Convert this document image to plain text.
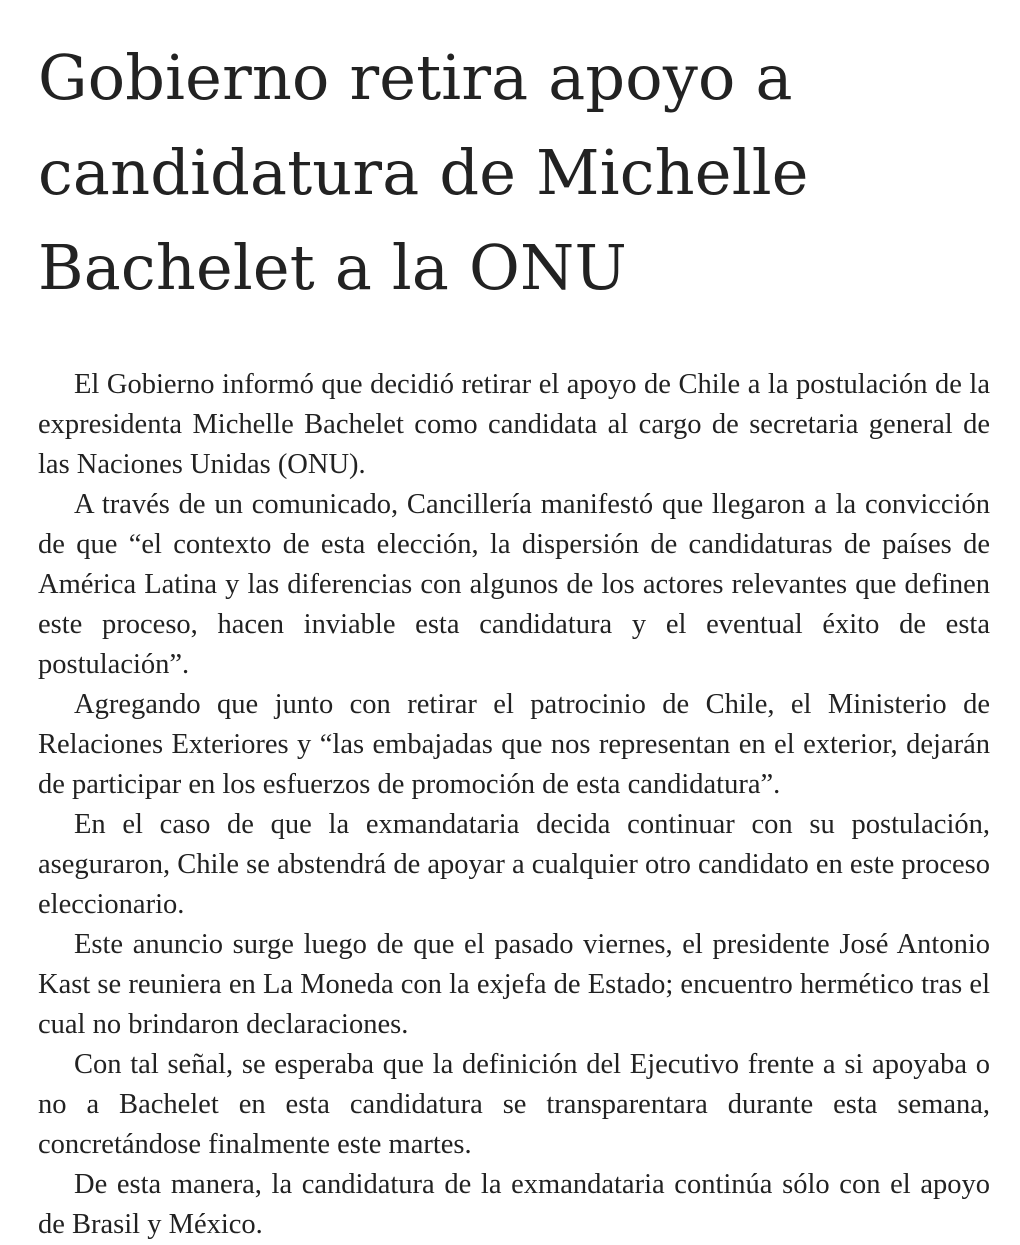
Gobierno retira apoyo a candidatura de Michelle Bachelet a la ONU

El Gobierno informó que decidió retirar el apoyo de Chile a la postulación de la expresidenta Michelle Bachelet como candidata al cargo de secretaria general de las Naciones Unidas (ONU).

A través de un comunicado, Cancillería manifestó que llegaron a la convicción de que “el contexto de esta elección, la dispersión de candidaturas de países de América Latina y las diferencias con algunos de los actores relevantes que definen este proceso, hacen inviable esta candidatura y el eventual éxito de esta postulación”.

Agregando que junto con retirar el patrocinio de Chile, el Ministerio de Relaciones Exteriores y “las embajadas que nos representan en el exterior, dejarán de participar en los esfuerzos de promoción de esta candidatura”.

En el caso de que la exmandataria decida continuar con su postulación, aseguraron, Chile se abstendrá de apoyar a cualquier otro candidato en este proceso eleccionario.

Este anuncio surge luego de que el pasado viernes, el presidente José Antonio Kast se reuniera en La Moneda con la exjefa de Estado; encuentro hermético tras el cual no brindaron declaraciones.

Con tal señal, se esperaba que la definición del Ejecutivo frente a si apoyaba o no a Bachelet en esta candidatura se transparentara durante esta semana, concretándose finalmente este martes.

De esta manera, la candidatura de la exmandataria continúa sólo con el apoyo de Brasil y México.
